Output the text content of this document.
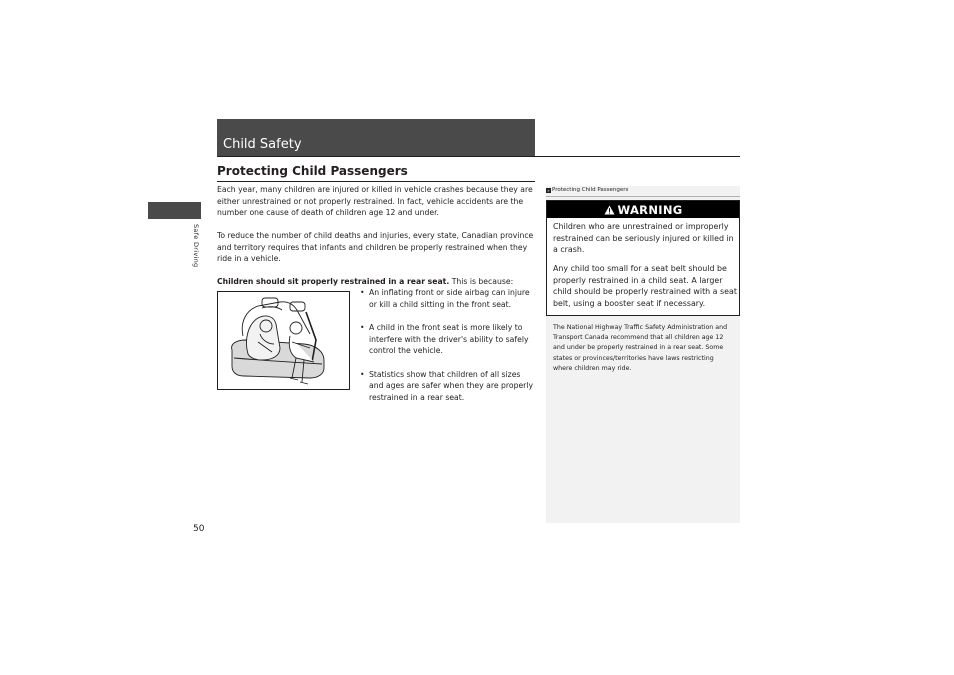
Child Safety
Safe Driving
50
Protecting Child Passengers

Each year, many children are injured or killed in vehicle crashes because they are either unrestrained or not properly restrained. In fact, vehicle accidents are the number one cause of death of children age 12 and under.

To reduce the number of child deaths and injuries, every state, Canadian province and territory requires that infants and children be properly restrained when they ride in a vehicle.

Children should sit properly restrained in a rear seat. This is because:

• An inflating front or side airbag can injure or kill a child sitting in the front seat.
• A child in the front seat is more likely to interfere with the driver's ability to safely control the vehicle.
• Statistics show that children of all sizes and ages are safer when they are properly restrained in a rear seat.
» Protecting Child Passengers
WARNING

Children who are unrestrained or improperly restrained can be seriously injured or killed in a crash.

Any child too small for a seat belt should be properly restrained in a child seat. A larger child should be properly restrained with a seat belt, using a booster seat if necessary.

The National Highway Traffic Safety Administration and Transport Canada recommend that all children age 12 and under be properly restrained in a rear seat. Some states or provinces/territories have laws restricting where children may ride.
